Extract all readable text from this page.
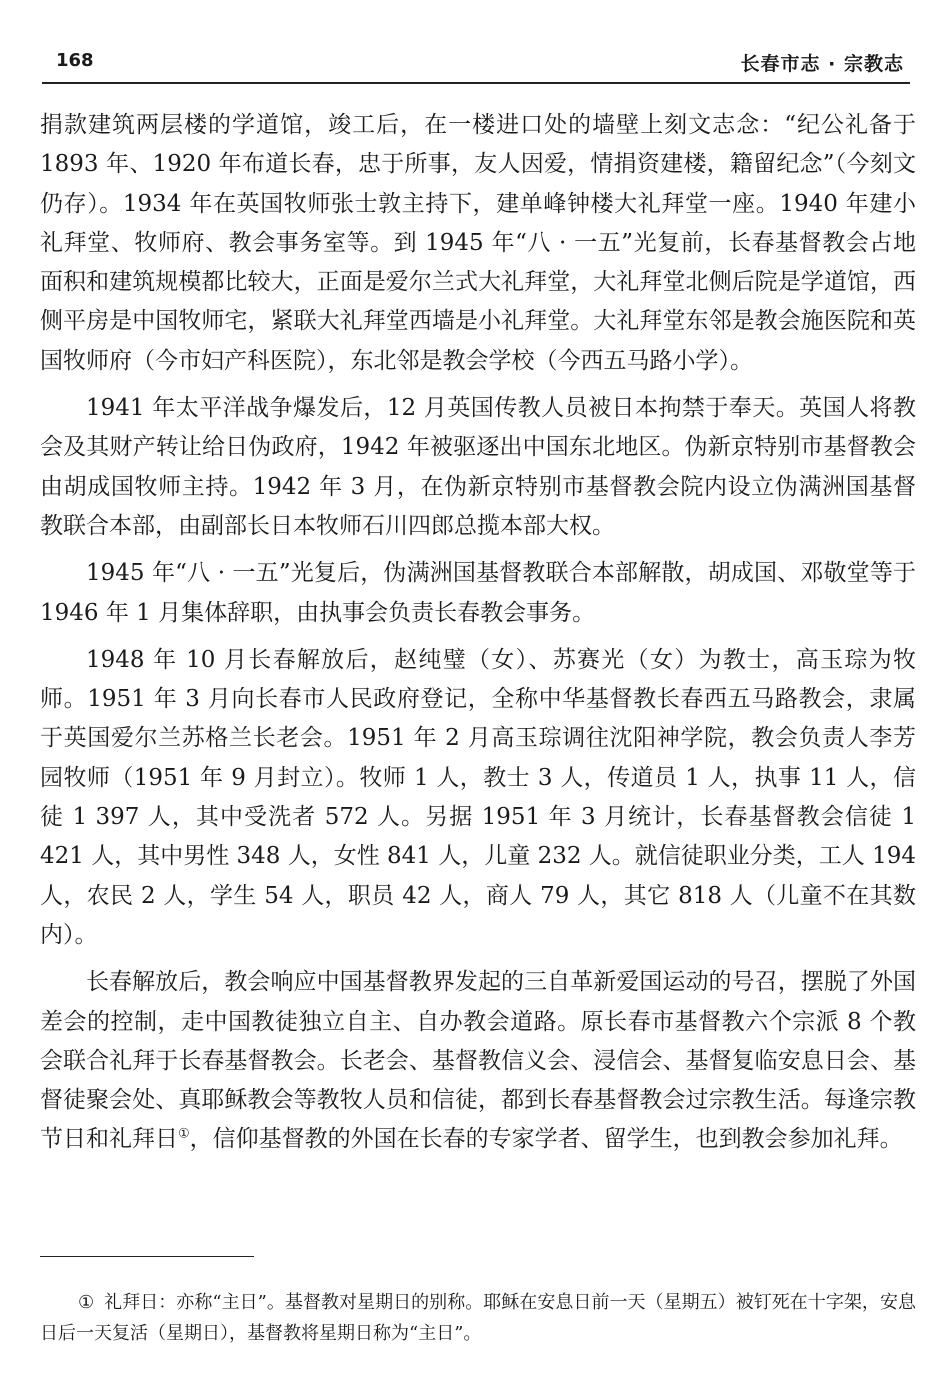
168	长春市志 · 宗教志

捐款建筑两层楼的学道馆，竣工后，在一楼进口处的墙壁上刻文志念：“纪公礼备于 1893 年、1920 年布道长春，忠于所事，友人因爱，情捐资建楼，籍留纪念”（今刻文仍存）。1934 年在英国牧师张士敦主持下，建单峰钟楼大礼拜堂一座。1940 年建小礼拜堂、牧师府、教会事务室等。到 1945 年“八 · 一五”光复前，长春基督教会占地面积和建筑规模都比较大，正面是爱尔兰式大礼拜堂，大礼拜堂北侧后院是学道馆，西侧平房是中国牧师宅，紧联大礼拜堂西墙是小礼拜堂。大礼拜堂东邻是教会施医院和英国牧师府（今市妇产科医院），东北邻是教会学校（今西五马路小学）。

1941 年太平洋战争爆发后，12 月英国传教人员被日本拘禁于奉天。英国人将教会及其财产转让给日伪政府，1942 年被驱逐出中国东北地区。伪新京特别市基督教会由胡成国牧师主持。1942 年 3 月，在伪新京特别市基督教会院内设立伪满洲国基督教联合本部，由副部长日本牧师石川四郎总揽本部大权。

1945 年“八 · 一五”光复后，伪满洲国基督教联合本部解散，胡成国、邓敬堂等于 1946 年 1 月集体辞职，由执事会负责长春教会事务。

1948 年 10 月长春解放后，赵纯璧（女）、苏赛光（女）为教士，高玉琮为牧师。1951 年 3 月向长春市人民政府登记，全称中华基督教长春西五马路教会，隶属于英国爱尔兰苏格兰长老会。1951 年 2 月高玉琮调往沈阳神学院，教会负责人李芳园牧师（1951 年 9 月封立）。牧师 1 人，教士 3 人，传道员 1 人，执事 11 人，信徒 1 397 人，其中受洗者 572 人。另据 1951 年 3 月统计，长春基督教会信徒 1 421 人，其中男性 348 人，女性 841 人，儿童 232 人。就信徒职业分类，工人 194 人，农民 2 人，学生 54 人，职员 42 人，商人 79 人，其它 818 人（儿童不在其数内）。

长春解放后，教会响应中国基督教界发起的三自革新爱国运动的号召，摆脱了外国差会的控制，走中国教徒独立自主、自办教会道路。原长春市基督教六个宗派 8 个教会联合礼拜于长春基督教会。长老会、基督教信义会、浸信会、基督复临安息日会、基督徒聚会处、真耶稣教会等教牧人员和信徒，都到长春基督教会过宗教生活。每逢宗教节日和礼拜日①，信仰基督教的外国在长春的专家学者、留学生，也到教会参加礼拜。

① 礼拜日：亦称“主日”。基督教对星期日的别称。耶稣在安息日前一天（星期五）被钉死在十字架，安息日后一天复活（星期日），基督教将星期日称为“主日”。
